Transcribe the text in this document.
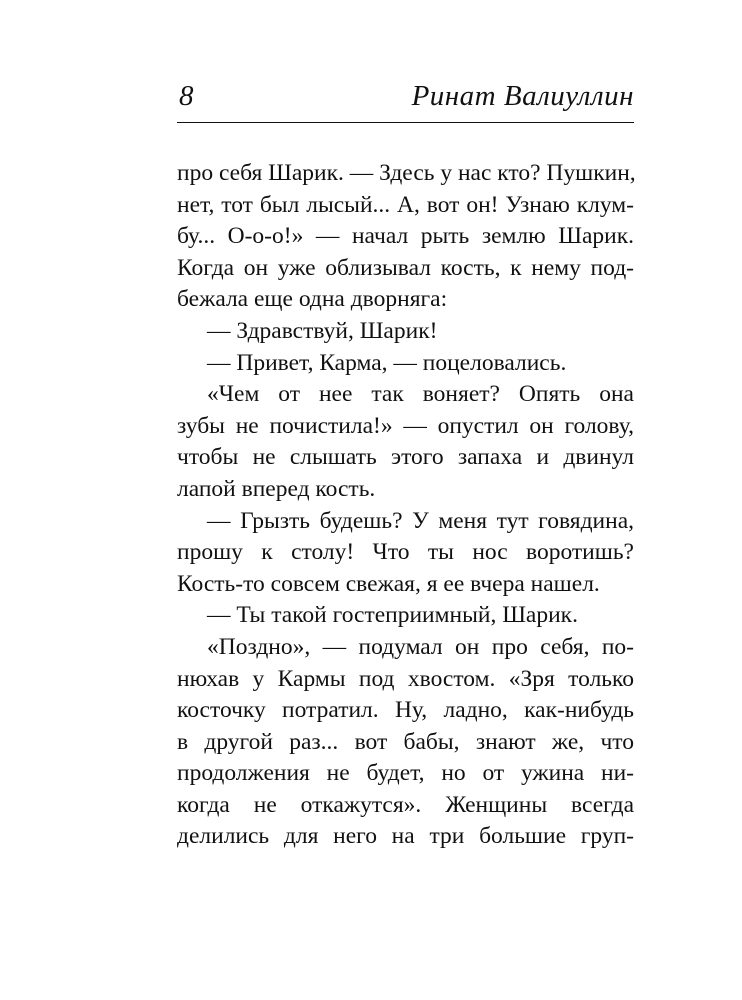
8	Ринат Валиуллин
про себя Шарик. — Здесь у нас кто? Пушкин,
нет, тот был лысый... А, вот он! Узнаю клум-
бу... О-о-о!» — начал рыть землю Шарик.
Когда он уже облизывал кость, к нему под-
бежала еще одна дворняга:
— Здравствуй, Шарик!
— Привет, Карма, — поцеловались.
«Чем от нее так воняет? Опять она
зубы не почистила!» — опустил он голову,
чтобы не слышать этого запаха и двинул
лапой вперед кость.
— Грызть будешь? У меня тут говядина,
прошу к столу! Что ты нос воротишь?
Кость-то совсем свежая, я ее вчера нашел.
— Ты такой гостеприимный, Шарик.
«Поздно», — подумал он про себя, по-
нюхав у Кармы под хвостом. «Зря только
косточку потратил. Ну, ладно, как-нибудь
в другой раз... вот бабы, знают же, что
продолжения не будет, но от ужина ни-
когда не откажутся». Женщины всегда
делились для него на три большие груп-
